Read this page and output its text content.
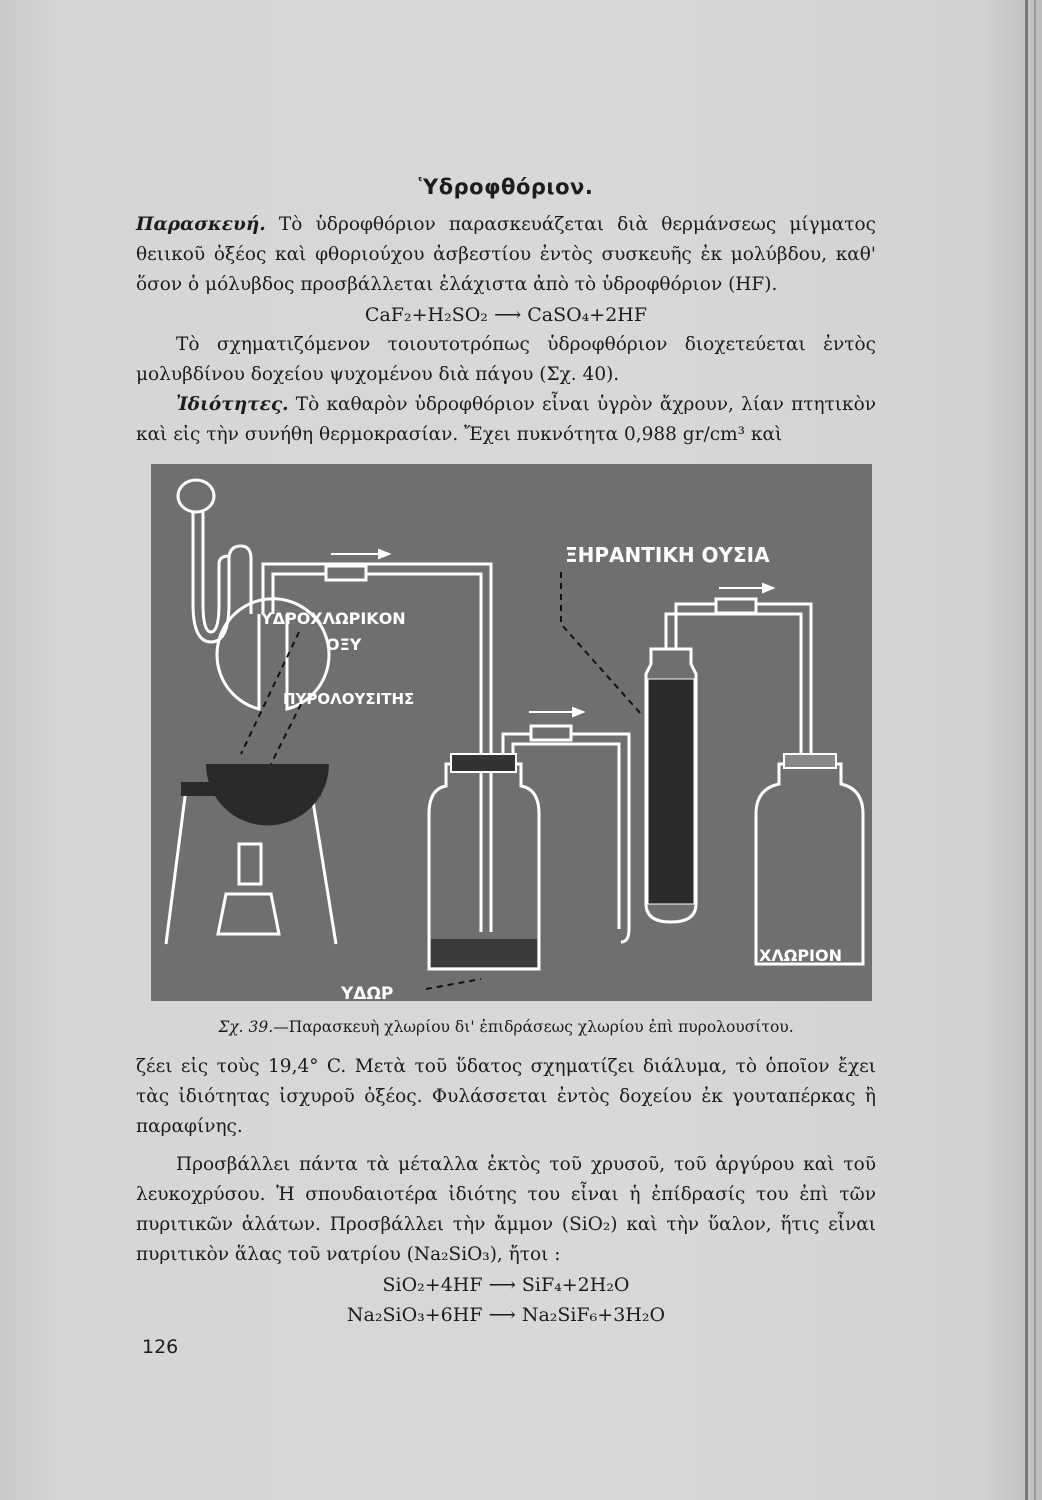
Ὑδροφθόριον.

Παρασκευή. Τὸ ὑδροφθόριον παρασκευάζεται διὰ θερμάνσεως μίγματος θειικοῦ ὀξέος καὶ φθοριούχου ἀσβεστίου ἐντὸς συσκευῆς ἐκ μολύβδου, καθ' ὅσον ὁ μόλυβδος προσβάλλεται ἐλάχιστα ἀπὸ τὸ ὑδροφθόριον (HF).

CaF₂+H₂SO₂ ⟶ CaSO₄+2HF

Τὸ σχηματιζόμενον τοιουτοτρόπως ὑδροφθόριον διοχετεύεται ἐντὸς μολυβδίνου δοχείου ψυχομένου διὰ πάγου (Σχ. 40).

Ἰδιότητες. Τὸ καθαρὸν ὑδροφθόριον εἶναι ὑγρὸν ἄχρουν, λίαν πτητικὸν καὶ εἰς τὴν συνήθη θερμοκρασίαν. Ἔχει πυκνότητα 0,988 gr/cm³ καὶ

ΞΗΡΑΝΤΙΚΗ ΟΥΣΙΑ
ΥΔΡΟΧΛΩΡΙΚΟΝ
ΟΞΥ
ΠΥΡΟΛΟΥΣΙΤΗΣ
ΥΔΩΡ
ΧΛΩΡΙΟΝ
Σχ. 39.—Παρασκευὴ χλωρίου δι' ἐπιδράσεως χλωρίου ἐπὶ πυρολουσίτου.

ζέει εἰς τοὺς 19,4° C. Μετὰ τοῦ ὕδατος σχηματίζει διάλυμα, τὸ ὁποῖον ἔχει τὰς ἰδιότητας ἰσχυροῦ ὀξέος. Φυλάσσεται ἐντὸς δοχείου ἐκ γουταπέρκας ἢ παραφίνης.

Προσβάλλει πάντα τὰ μέταλλα ἐκτὸς τοῦ χρυσοῦ, τοῦ ἀργύρου καὶ τοῦ λευκοχρύσου. Ἡ σπουδαιοτέρα ἰδιότης του εἶναι ἡ ἐπίδρασίς του ἐπὶ τῶν πυριτικῶν ἁλάτων. Προσβάλλει τὴν ἄμμον (SiO₂) καὶ τὴν ὕαλον, ἥτις εἶναι πυριτικὸν ἅλας τοῦ νατρίου (Na₂SiO₃), ἤτοι :

SiO₂+4HF ⟶ SiF₄+2H₂O

Na₂SiO₃+6HF ⟶ Na₂SiF₆+3H₂O

126
